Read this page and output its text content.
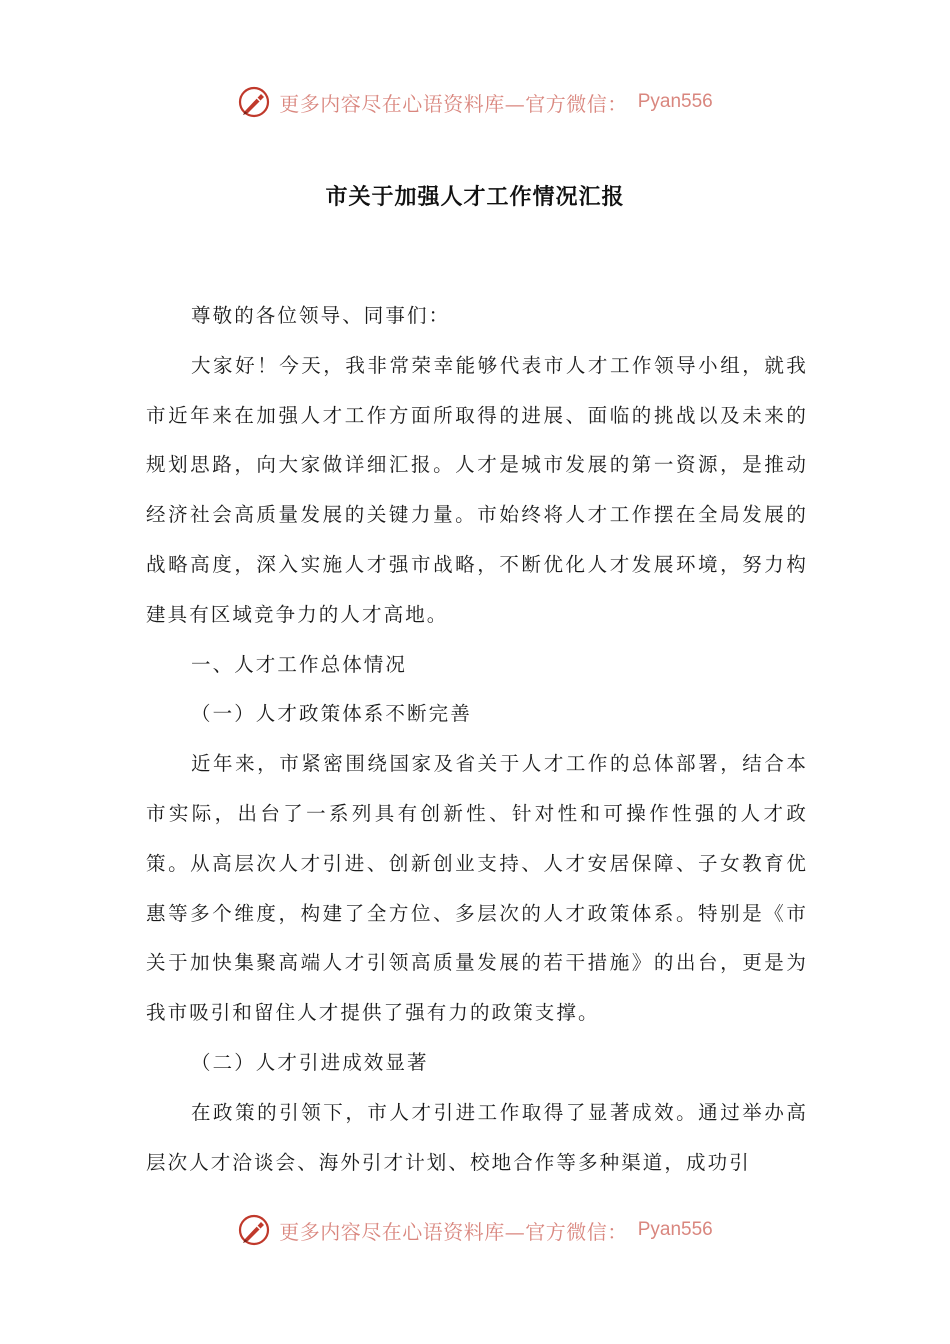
更多内容尽在心语资料库—官方微信： Pyan556
市关于加强人才工作情况汇报

尊敬的各位领导、同事们：

大家好！今天，我非常荣幸能够代表市人才工作领导小组，就我市近年来在加强人才工作方面所取得的进展、面临的挑战以及未来的规划思路，向大家做详细汇报。人才是城市发展的第一资源，是推动经济社会高质量发展的关键力量。市始终将人才工作摆在全局发展的战略高度，深入实施人才强市战略，不断优化人才发展环境，努力构建具有区域竞争力的人才高地。

一、人才工作总体情况

（一）人才政策体系不断完善

近年来，市紧密围绕国家及省关于人才工作的总体部署，结合本市实际，出台了一系列具有创新性、针对性和可操作性强的人才政策。从高层次人才引进、创新创业支持、人才安居保障、子女教育优惠等多个维度，构建了全方位、多层次的人才政策体系。特别是《市关于加快集聚高端人才引领高质量发展的若干措施》的出台，更是为我市吸引和留住人才提供了强有力的政策支撑。

（二）人才引进成效显著

在政策的引领下，市人才引进工作取得了显著成效。通过举办高层次人才洽谈会、海外引才计划、校地合作等多种渠道，成功引

更多内容尽在心语资料库—官方微信： Pyan556
